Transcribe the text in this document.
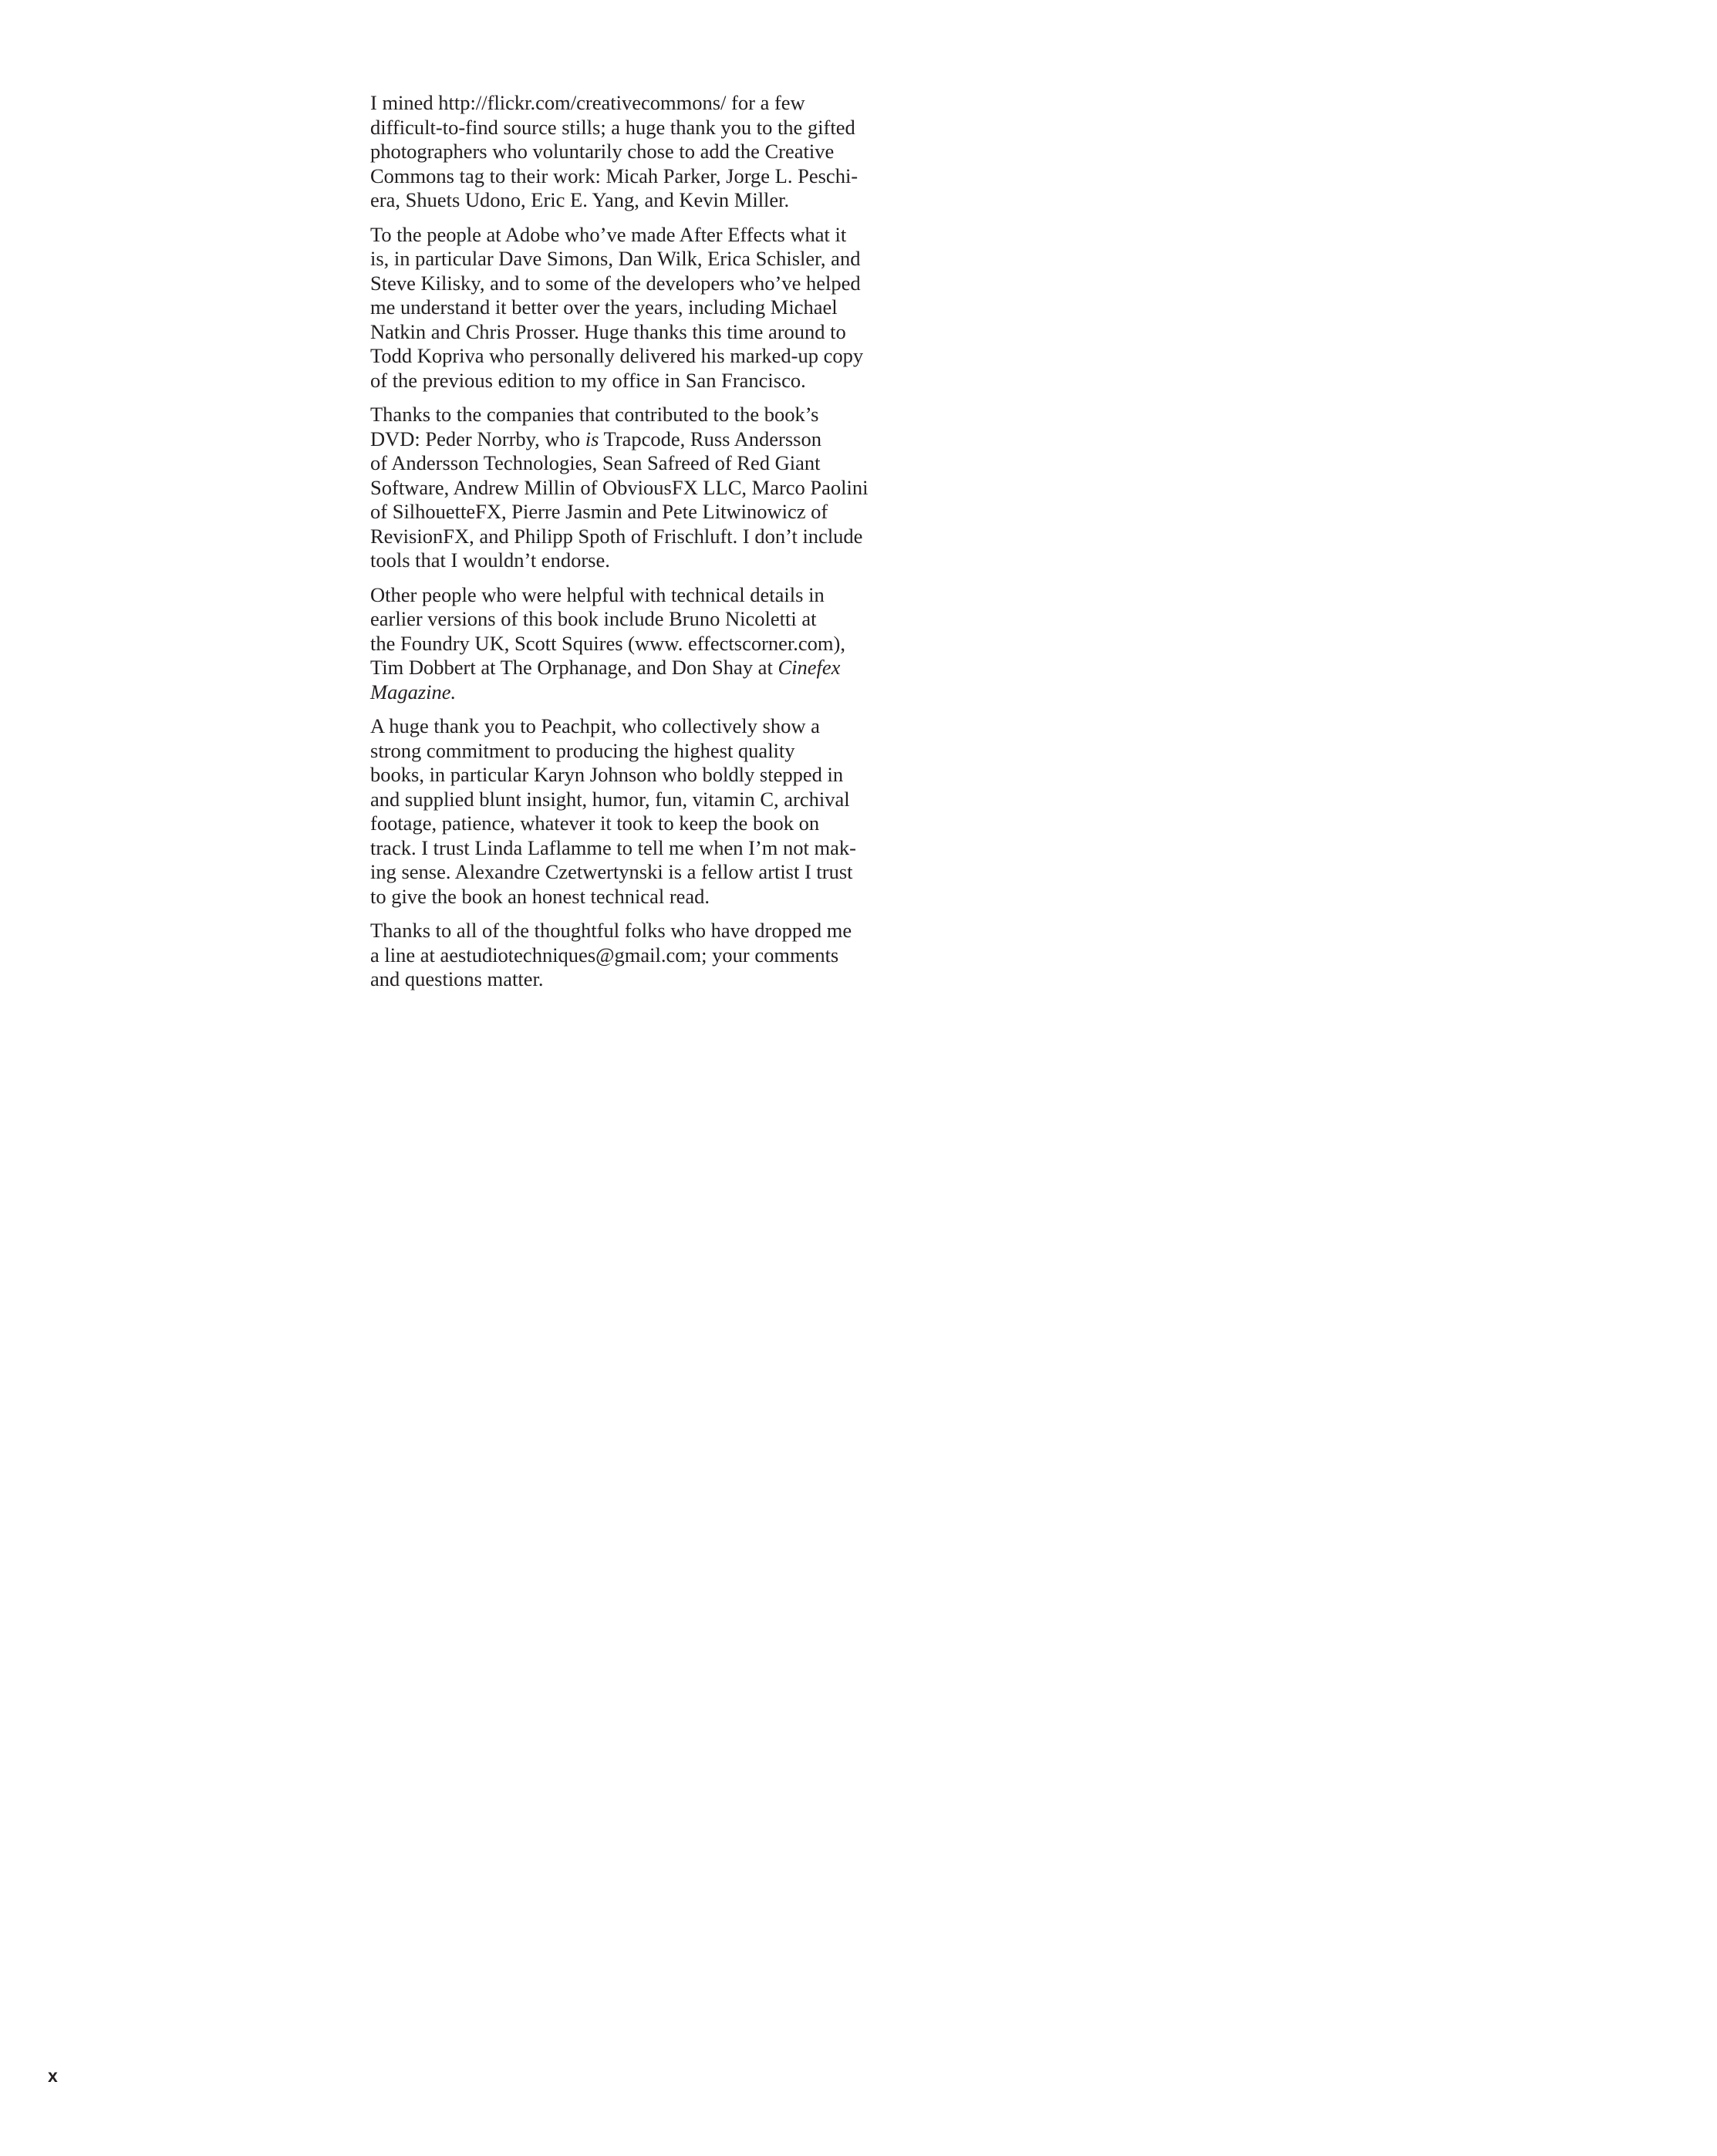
I mined http://flickr.com/creativecommons/ for a few
difficult-to-find source stills; a huge thank you to the gifted
photographers who voluntarily chose to add the Creative
Commons tag to their work: Micah Parker, Jorge L. Peschi-
era, Shuets Udono, Eric E. Yang, and Kevin Miller.

To the people at Adobe who’ve made After Effects what it
is, in particular Dave Simons, Dan Wilk, Erica Schisler, and
Steve Kilisky, and to some of the developers who’ve helped
me understand it better over the years, including Michael
Natkin and Chris Prosser. Huge thanks this time around to
Todd Kopriva who personally delivered his marked-up copy
of the previous edition to my office in San Francisco.

Thanks to the companies that contributed to the book’s
DVD: Peder Norrby, who is Trapcode, Russ Andersson
of Andersson Technologies, Sean Safreed of Red Giant
Software, Andrew Millin of ObviousFX LLC, Marco Paolini
of SilhouetteFX, Pierre Jasmin and Pete Litwinowicz of
RevisionFX, and Philipp Spoth of Frischluft. I don’t include
tools that I wouldn’t endorse.

Other people who were helpful with technical details in
earlier versions of this book include Bruno Nicoletti at
the Foundry UK, Scott Squires (www. effectscorner.com),
Tim Dobbert at The Orphanage, and Don Shay at Cinefex
Magazine.

A huge thank you to Peachpit, who collectively show a
strong commitment to producing the highest quality
books, in particular Karyn Johnson who boldly stepped in
and supplied blunt insight, humor, fun, vitamin C, archival
footage, patience, whatever it took to keep the book on
track. I trust Linda Laflamme to tell me when I’m not mak-
ing sense. Alexandre Czetwertynski is a fellow artist I trust
to give the book an honest technical read.

Thanks to all of the thoughtful folks who have dropped me
a line at aestudiotechniques@gmail.com; your comments
and questions matter.

x
